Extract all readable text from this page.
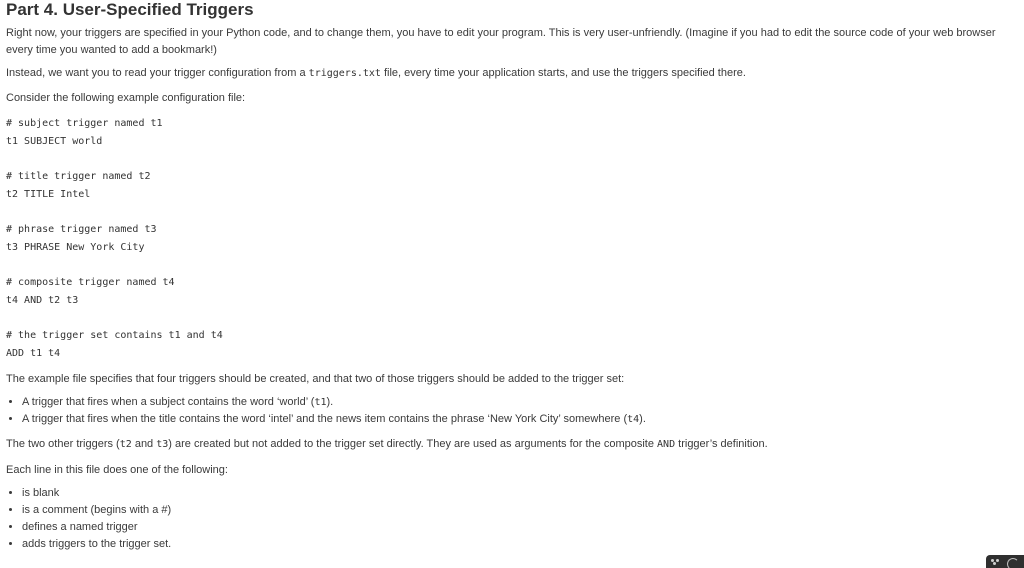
Part 4. User-Specified Triggers

Right now, your triggers are specified in your Python code, and to change them, you have to edit your program. This is very user-unfriendly. (Imagine if you had to edit the source code of your web browser every time you wanted to add a bookmark!)

Instead, we want you to read your trigger configuration from a triggers.txt file, every time your application starts, and use the triggers specified there.

Consider the following example configuration file:

# subject trigger named t1
t1 SUBJECT world
# title trigger named t2
t2 TITLE Intel
# phrase trigger named t3
t3 PHRASE New York City
# composite trigger named t4
t4 AND t2 t3
# the trigger set contains t1 and t4
ADD t1 t4

The example file specifies that four triggers should be created, and that two of those triggers should be added to the trigger set:

• A trigger that fires when a subject contains the word ‘world’ (t1).
• A trigger that fires when the title contains the word ‘intel’ and the news item contains the phrase ‘New York City’ somewhere (t4).

The two other triggers (t2 and t3) are created but not added to the trigger set directly. They are used as arguments for the composite AND trigger’s definition.

Each line in this file does one of the following:

• is blank
• is a comment (begins with a #)
• defines a named trigger
• adds triggers to the trigger set.
